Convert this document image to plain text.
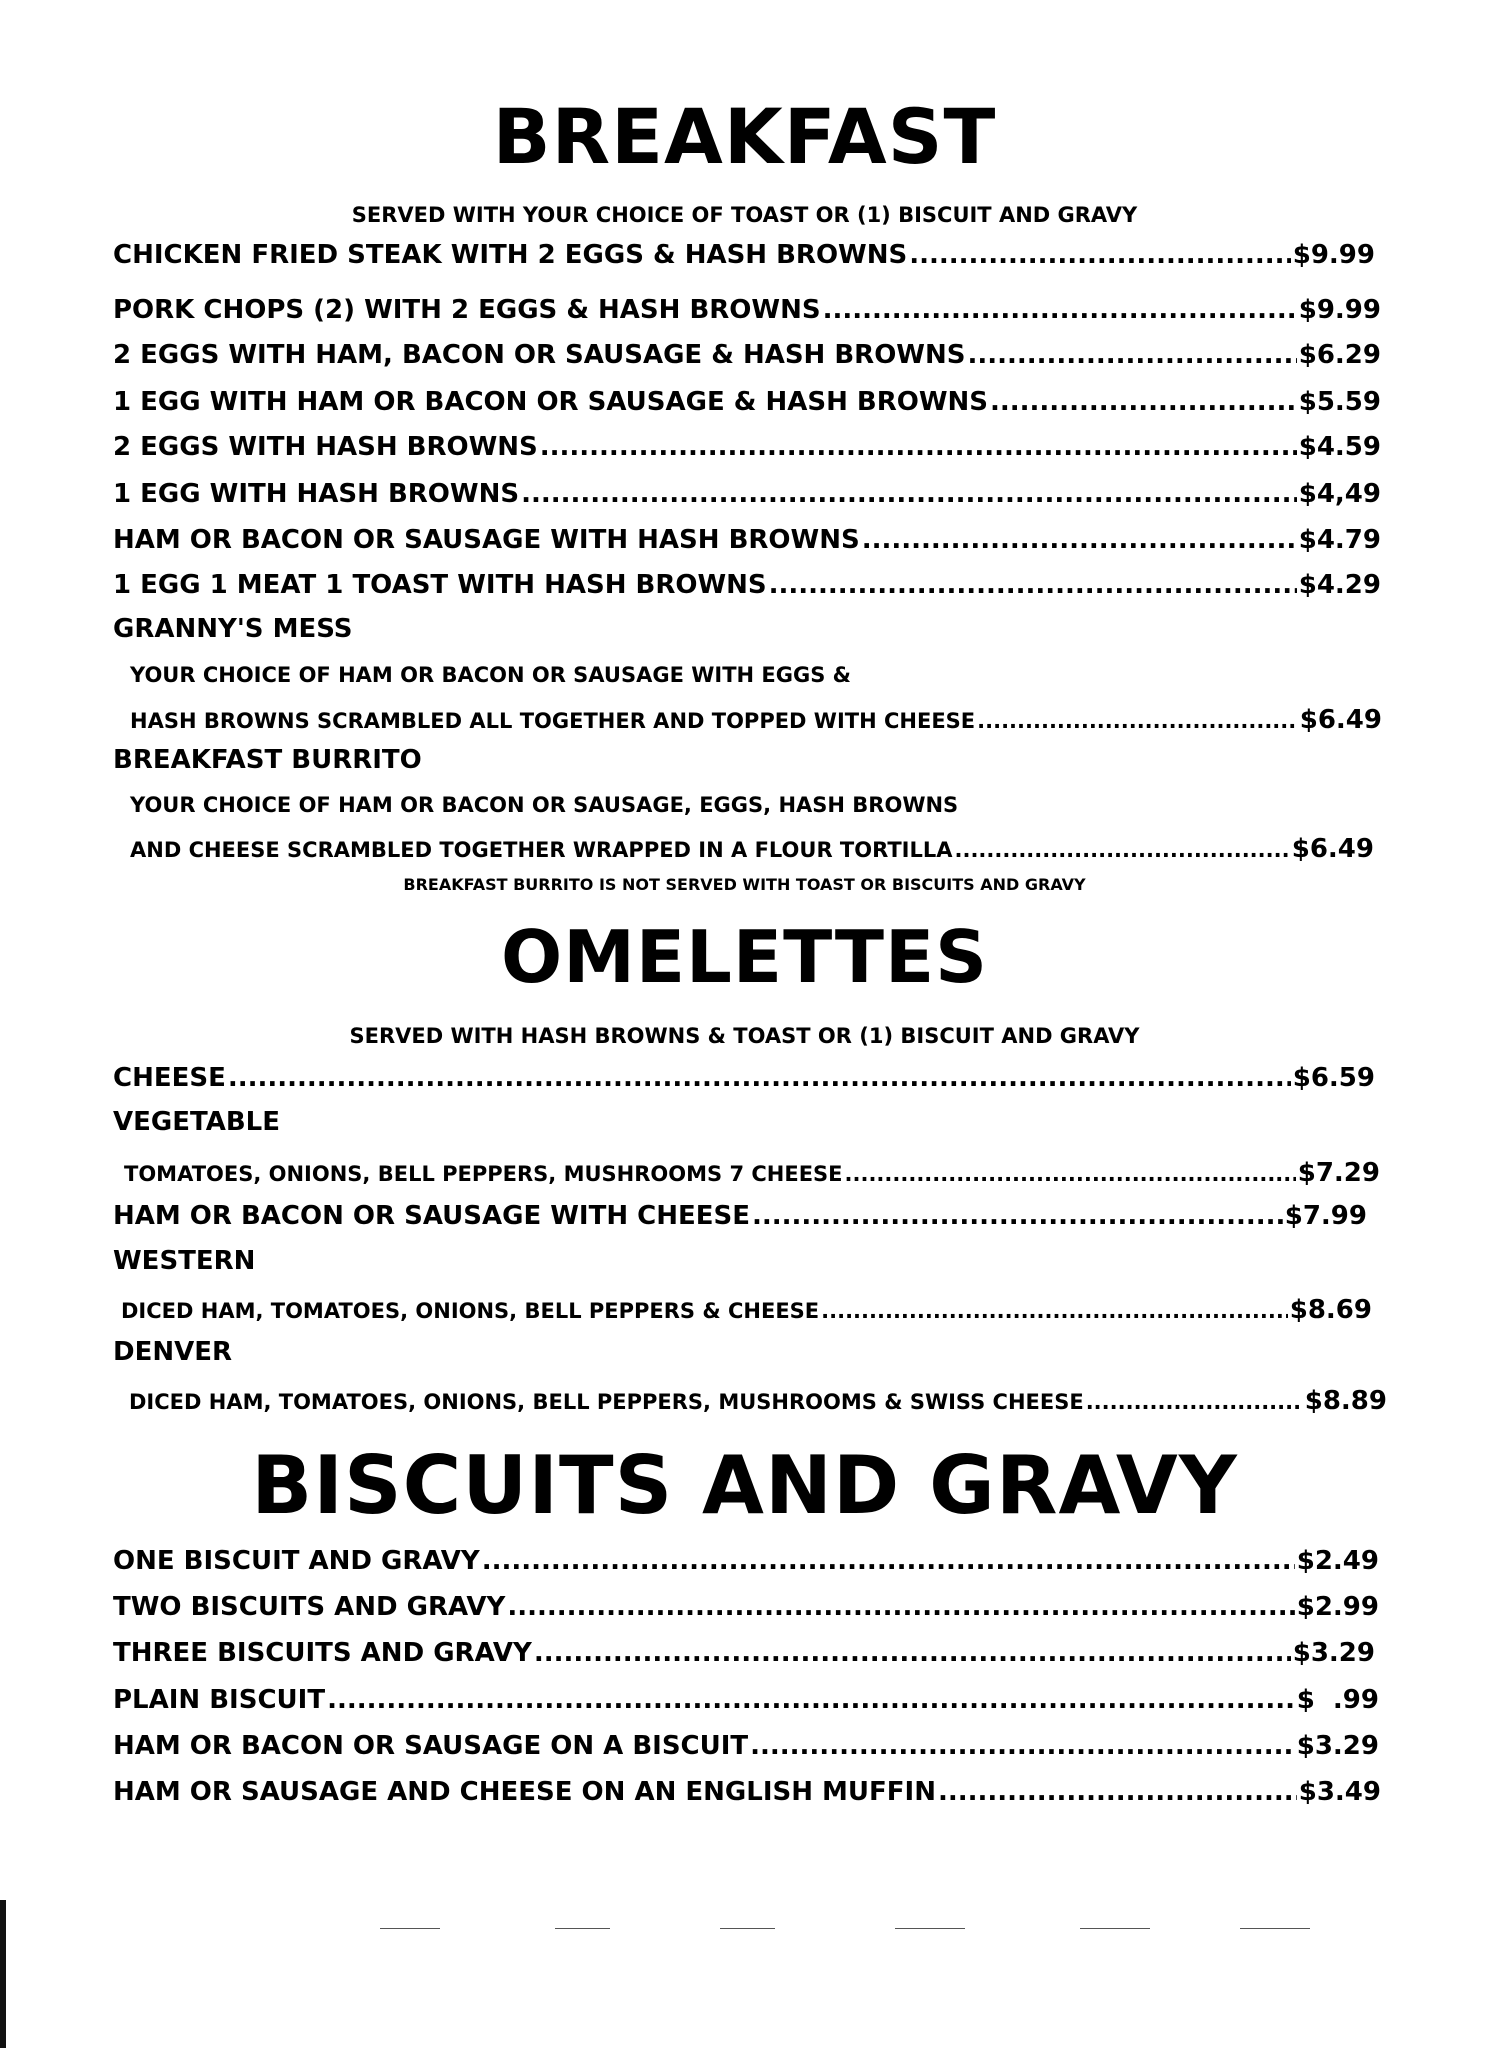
BREAKFAST
SERVED WITH YOUR CHOICE OF TOAST OR (1) BISCUIT AND GRAVY
CHICKEN FRIED STEAK WITH 2 EGGS & HASH BROWNS .....	$9.99
PORK CHOPS (2) WITH 2 EGGS & HASH BROWNS .....	$9.99
2 EGGS WITH HAM, BACON OR SAUSAGE & HASH BROWNS .....	$6.29
1 EGG WITH HAM OR BACON OR SAUSAGE & HASH BROWNS .....	$5.59
2 EGGS WITH HASH BROWNS .....	$4.59
1 EGG WITH HASH BROWNS .....	$4,49
HAM OR BACON OR SAUSAGE WITH HASH BROWNS .....	$4.79
1 EGG 1 MEAT 1 TOAST WITH HASH BROWNS .....	$4.29
GRANNY'S MESS
YOUR CHOICE OF HAM OR BACON OR SAUSAGE WITH EGGS &
HASH BROWNS SCRAMBLED ALL TOGETHER AND TOPPED WITH CHEESE .....	$6.49
BREAKFAST BURRITO
YOUR CHOICE OF HAM OR BACON OR SAUSAGE, EGGS, HASH BROWNS
AND CHEESE SCRAMBLED TOGETHER WRAPPED IN A FLOUR TORTILLA .....	$6.49
BREAKFAST BURRITO IS NOT SERVED WITH TOAST OR BISCUITS AND GRAVY
OMELETTES
SERVED WITH HASH BROWNS & TOAST OR (1) BISCUIT AND GRAVY
CHEESE .....	$6.59
VEGETABLE
TOMATOES, ONIONS, BELL PEPPERS, MUSHROOMS 7 CHEESE .....	$7.29
HAM OR BACON OR SAUSAGE WITH CHEESE .....	$7.99
WESTERN
DICED HAM, TOMATOES, ONIONS, BELL PEPPERS & CHEESE .....	$8.69
DENVER
DICED HAM, TOMATOES, ONIONS, BELL PEPPERS, MUSHROOMS & SWISS CHEESE .....	$8.89
BISCUITS AND GRAVY
ONE BISCUIT AND GRAVY .....	$2.49
TWO BISCUITS AND GRAVY .....	$2.99
THREE BISCUITS AND GRAVY .....	$3.29
PLAIN BISCUIT .....	$  .99
HAM OR BACON OR SAUSAGE ON A BISCUIT .....	$3.29
HAM OR SAUSAGE AND CHEESE ON AN ENGLISH MUFFIN .....	$3.49
